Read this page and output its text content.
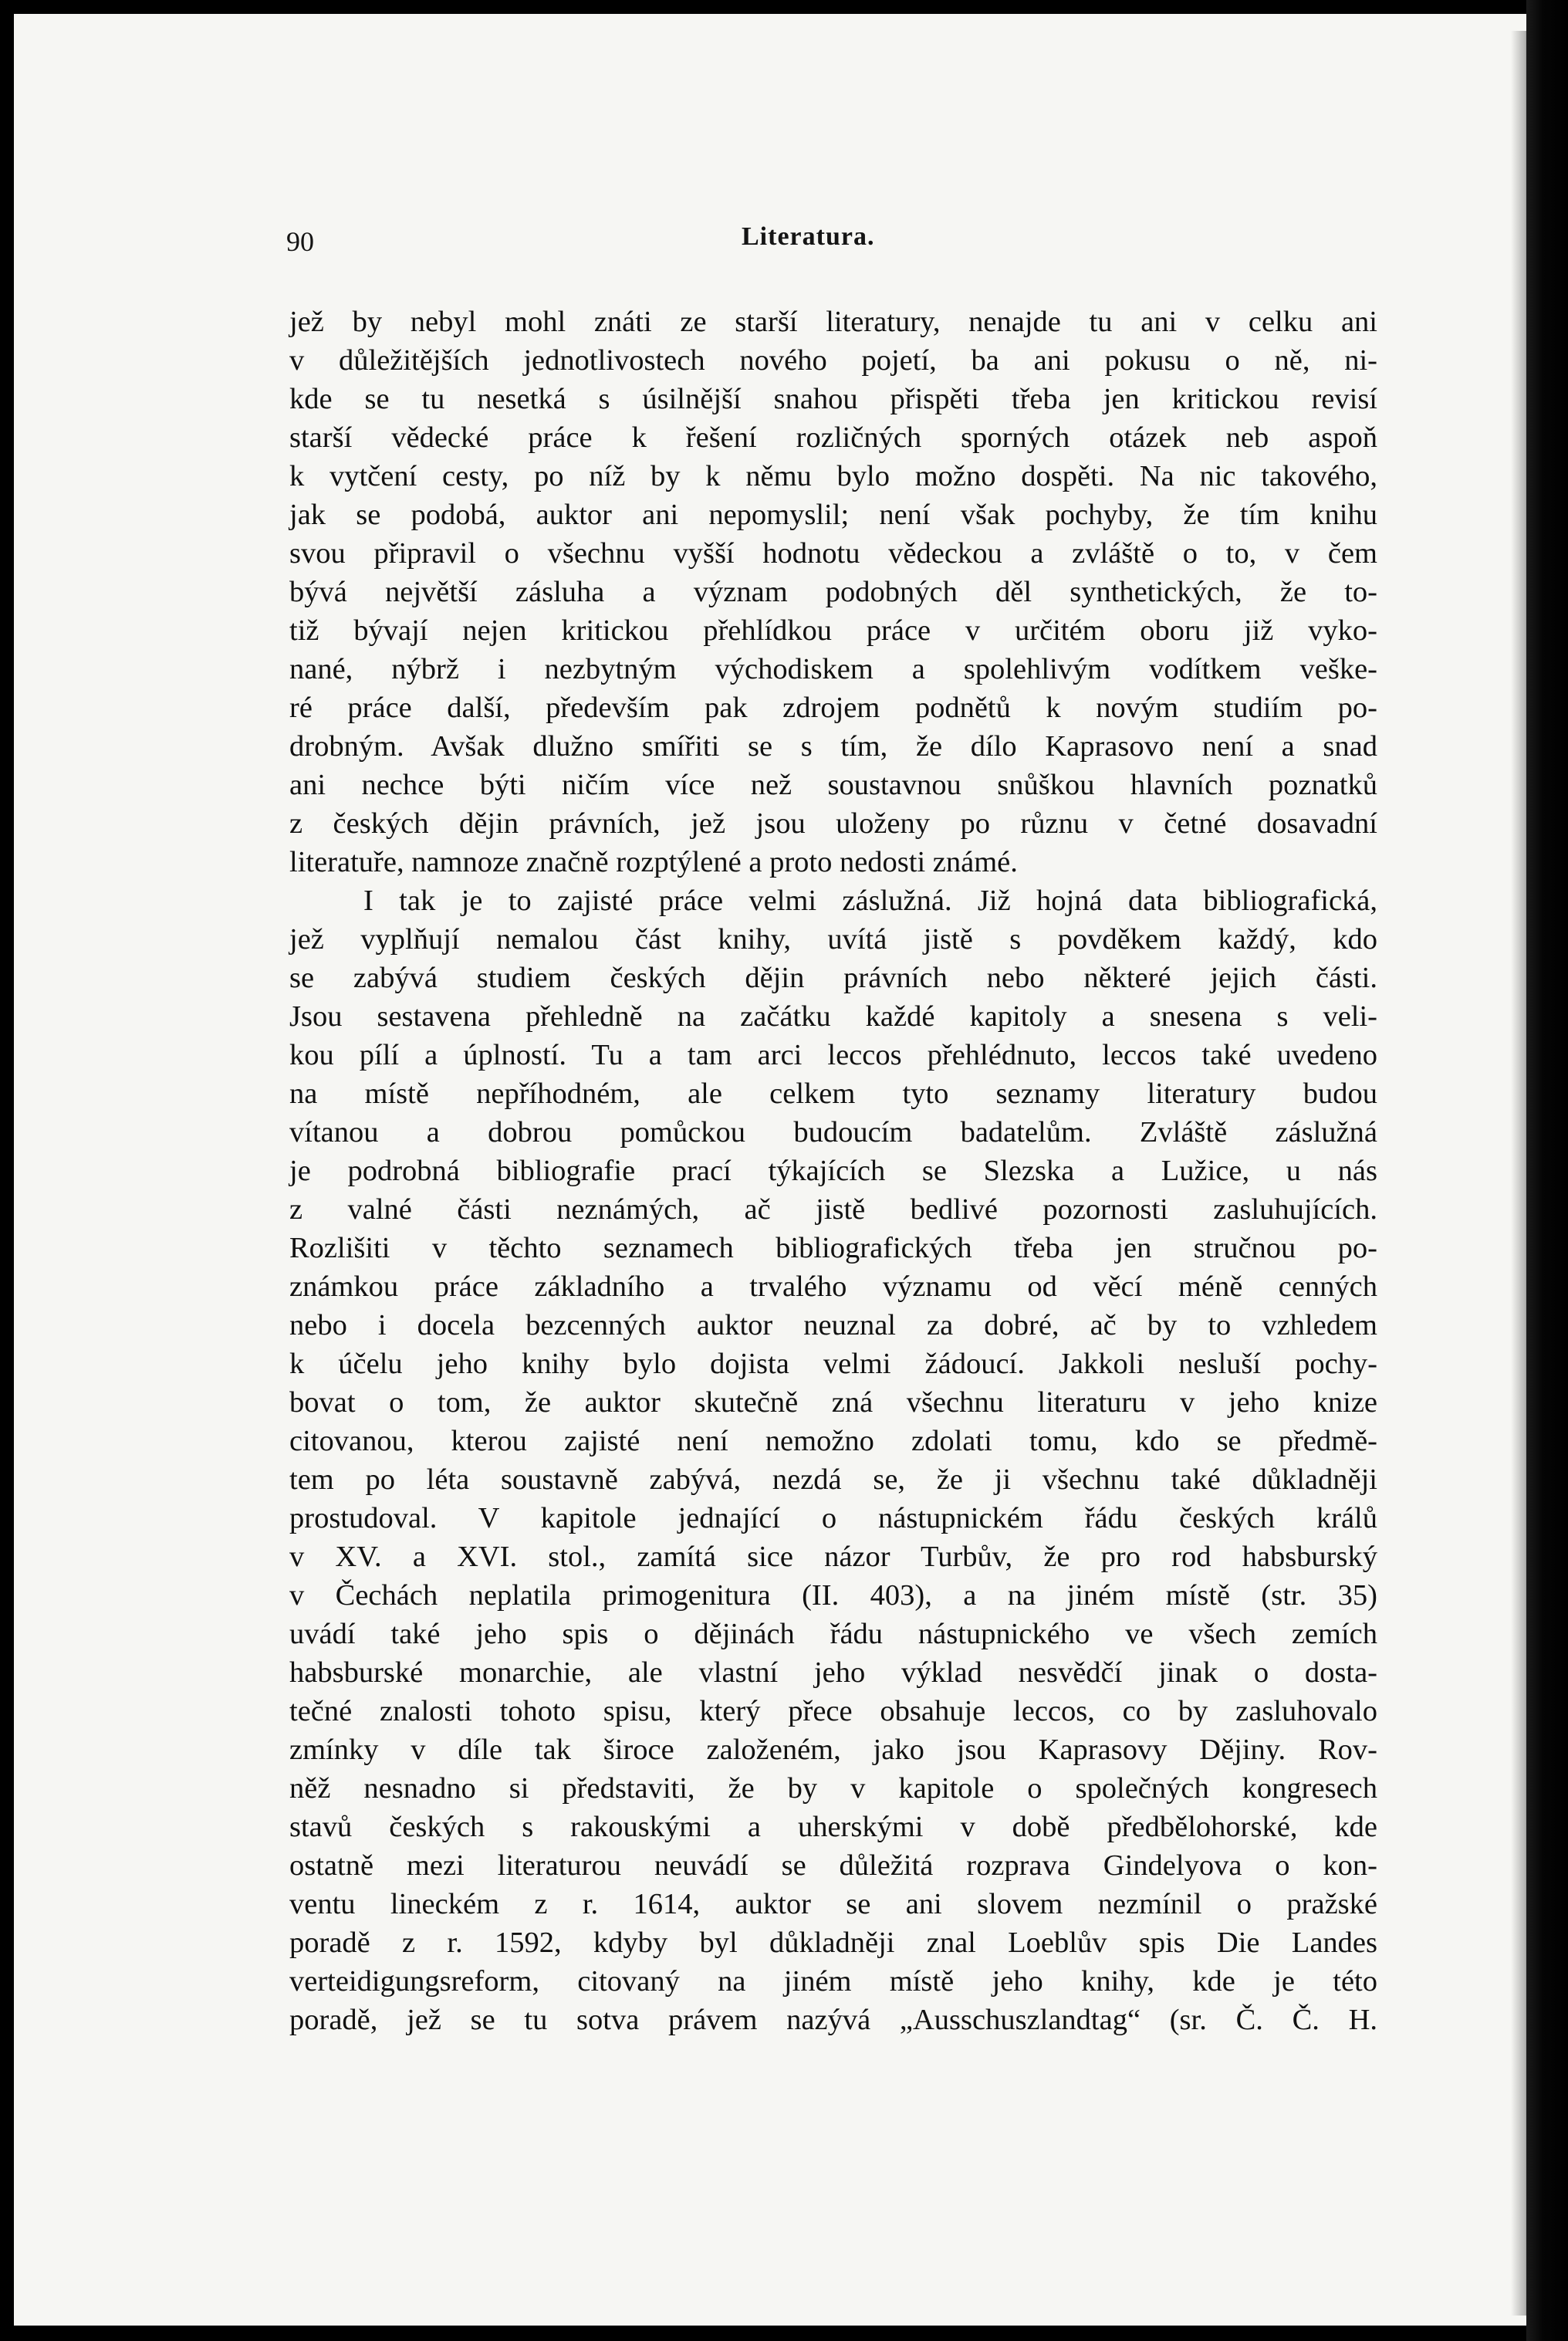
90	Literatura.
jež by nebyl mohl znáti ze starší literatury, nenajde tu ani v celku ani
v důležitějších jednotlivostech nového pojetí, ba ani pokusu o ně, ni-
kde se tu nesetká s úsilnější snahou přispěti třeba jen kritickou revisí
starší vědecké práce k řešení rozličných sporných otázek neb aspoň
k vytčení cesty, po níž by k němu bylo možno dospěti. Na nic takového,
jak se podobá, auktor ani nepomyslil; není však pochyby, že tím knihu
svou připravil o všechnu vyšší hodnotu vědeckou a zvláště o to, v čem
bývá největší zásluha a význam podobných děl synthetických, že to-
tiž bývají nejen kritickou přehlídkou práce v určitém oboru již vyko-
nané, nýbrž i nezbytným východiskem a spolehlivým vodítkem veške-
ré práce další, především pak zdrojem podnětů k novým studiím po-
drobným. Avšak dlužno smířiti se s tím, že dílo Kaprasovo není a snad
ani nechce býti ničím více než soustavnou snůškou hlavních poznatků
z českých dějin právních, jež jsou uloženy po různu v četné dosavadní
literatuře, namnoze značně rozptýlené a proto nedosti známé.
I tak je to zajisté práce velmi záslužná. Již hojná data bibliografická,
jež vyplňují nemalou část knihy, uvítá jistě s povděkem každý, kdo
se zabývá studiem českých dějin právních nebo některé jejich části.
Jsou sestavena přehledně na začátku každé kapitoly a snesena s veli-
kou pílí a úplností. Tu a tam arci leccos přehlédnuto, leccos také uvedeno
na místě nepříhodném, ale celkem tyto seznamy literatury budou
vítanou a dobrou pomůckou budoucím badatelům. Zvláště záslužná
je podrobná bibliografie prací týkajících se Slezska a Lužice, u nás
z valné části neznámých, ač jistě bedlivé pozornosti zasluhujících.
Rozlišiti v těchto seznamech bibliografických třeba jen stručnou po-
známkou práce základního a trvalého významu od věcí méně cenných
nebo i docela bezcenných auktor neuznal za dobré, ač by to vzhledem
k účelu jeho knihy bylo dojista velmi žádoucí. Jakkoli nesluší pochy-
bovat o tom, že auktor skutečně zná všechnu literaturu v jeho knize
citovanou, kterou zajisté není nemožno zdolati tomu, kdo se předmě-
tem po léta soustavně zabývá, nezdá se, že ji všechnu také důkladněji
prostudoval. V kapitole jednající o nástupnickém řádu českých králů
v XV. a XVI. stol., zamítá sice názor Turbův, že pro rod habsburský
v Čechách neplatila primogenitura (II. 403), a na jiném místě (str. 35)
uvádí také jeho spis o dějinách řádu nástupnického ve všech zemích
habsburské monarchie, ale vlastní jeho výklad nesvědčí jinak o dosta-
tečné znalosti tohoto spisu, který přece obsahuje leccos, co by zasluhovalo
zmínky v díle tak široce založeném, jako jsou Kaprasovy Dějiny. Rov-
něž nesnadno si představiti, že by v kapitole o společných kongresech
stavů českých s rakouskými a uherskými v době předbělohorské, kde
ostatně mezi literaturou neuvádí se důležitá rozprava Gindelyova o kon-
ventu lineckém z r. 1614, auktor se ani slovem nezmínil o pražské
poradě z r. 1592, kdyby byl důkladněji znal Loeblův spis Die Landes
verteidigungsreform, citovaný na jiném místě jeho knihy, kde je této
poradě, jež se tu sotva právem nazývá „Ausschuszlandtag“ (sr. Č. Č. H.
